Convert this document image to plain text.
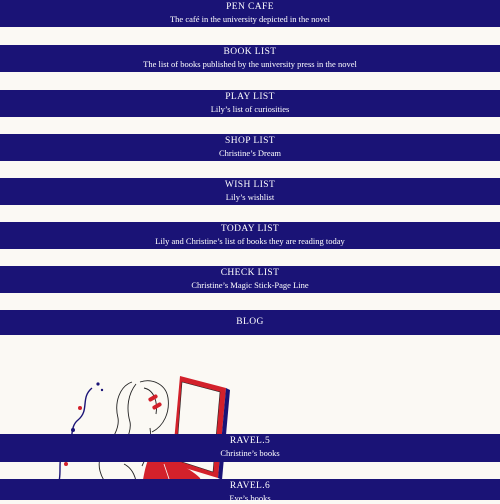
PEN CAFE
The café in the university depicted in the novel
BOOK LIST
The list of books published by the university press in the novel
PLAY LIST
Lily’s list of curiosities
SHOP LIST
Christine’s Dream
WISH LIST
Lily’s wishlist
TODAY LIST
Lily and Christine’s list of books they are reading today
CHECK LIST
Christine’s Magic Stick-Page Line
BLOG
RAVEL.5
Christine’s books
RAVEL.6
Eve’s books
